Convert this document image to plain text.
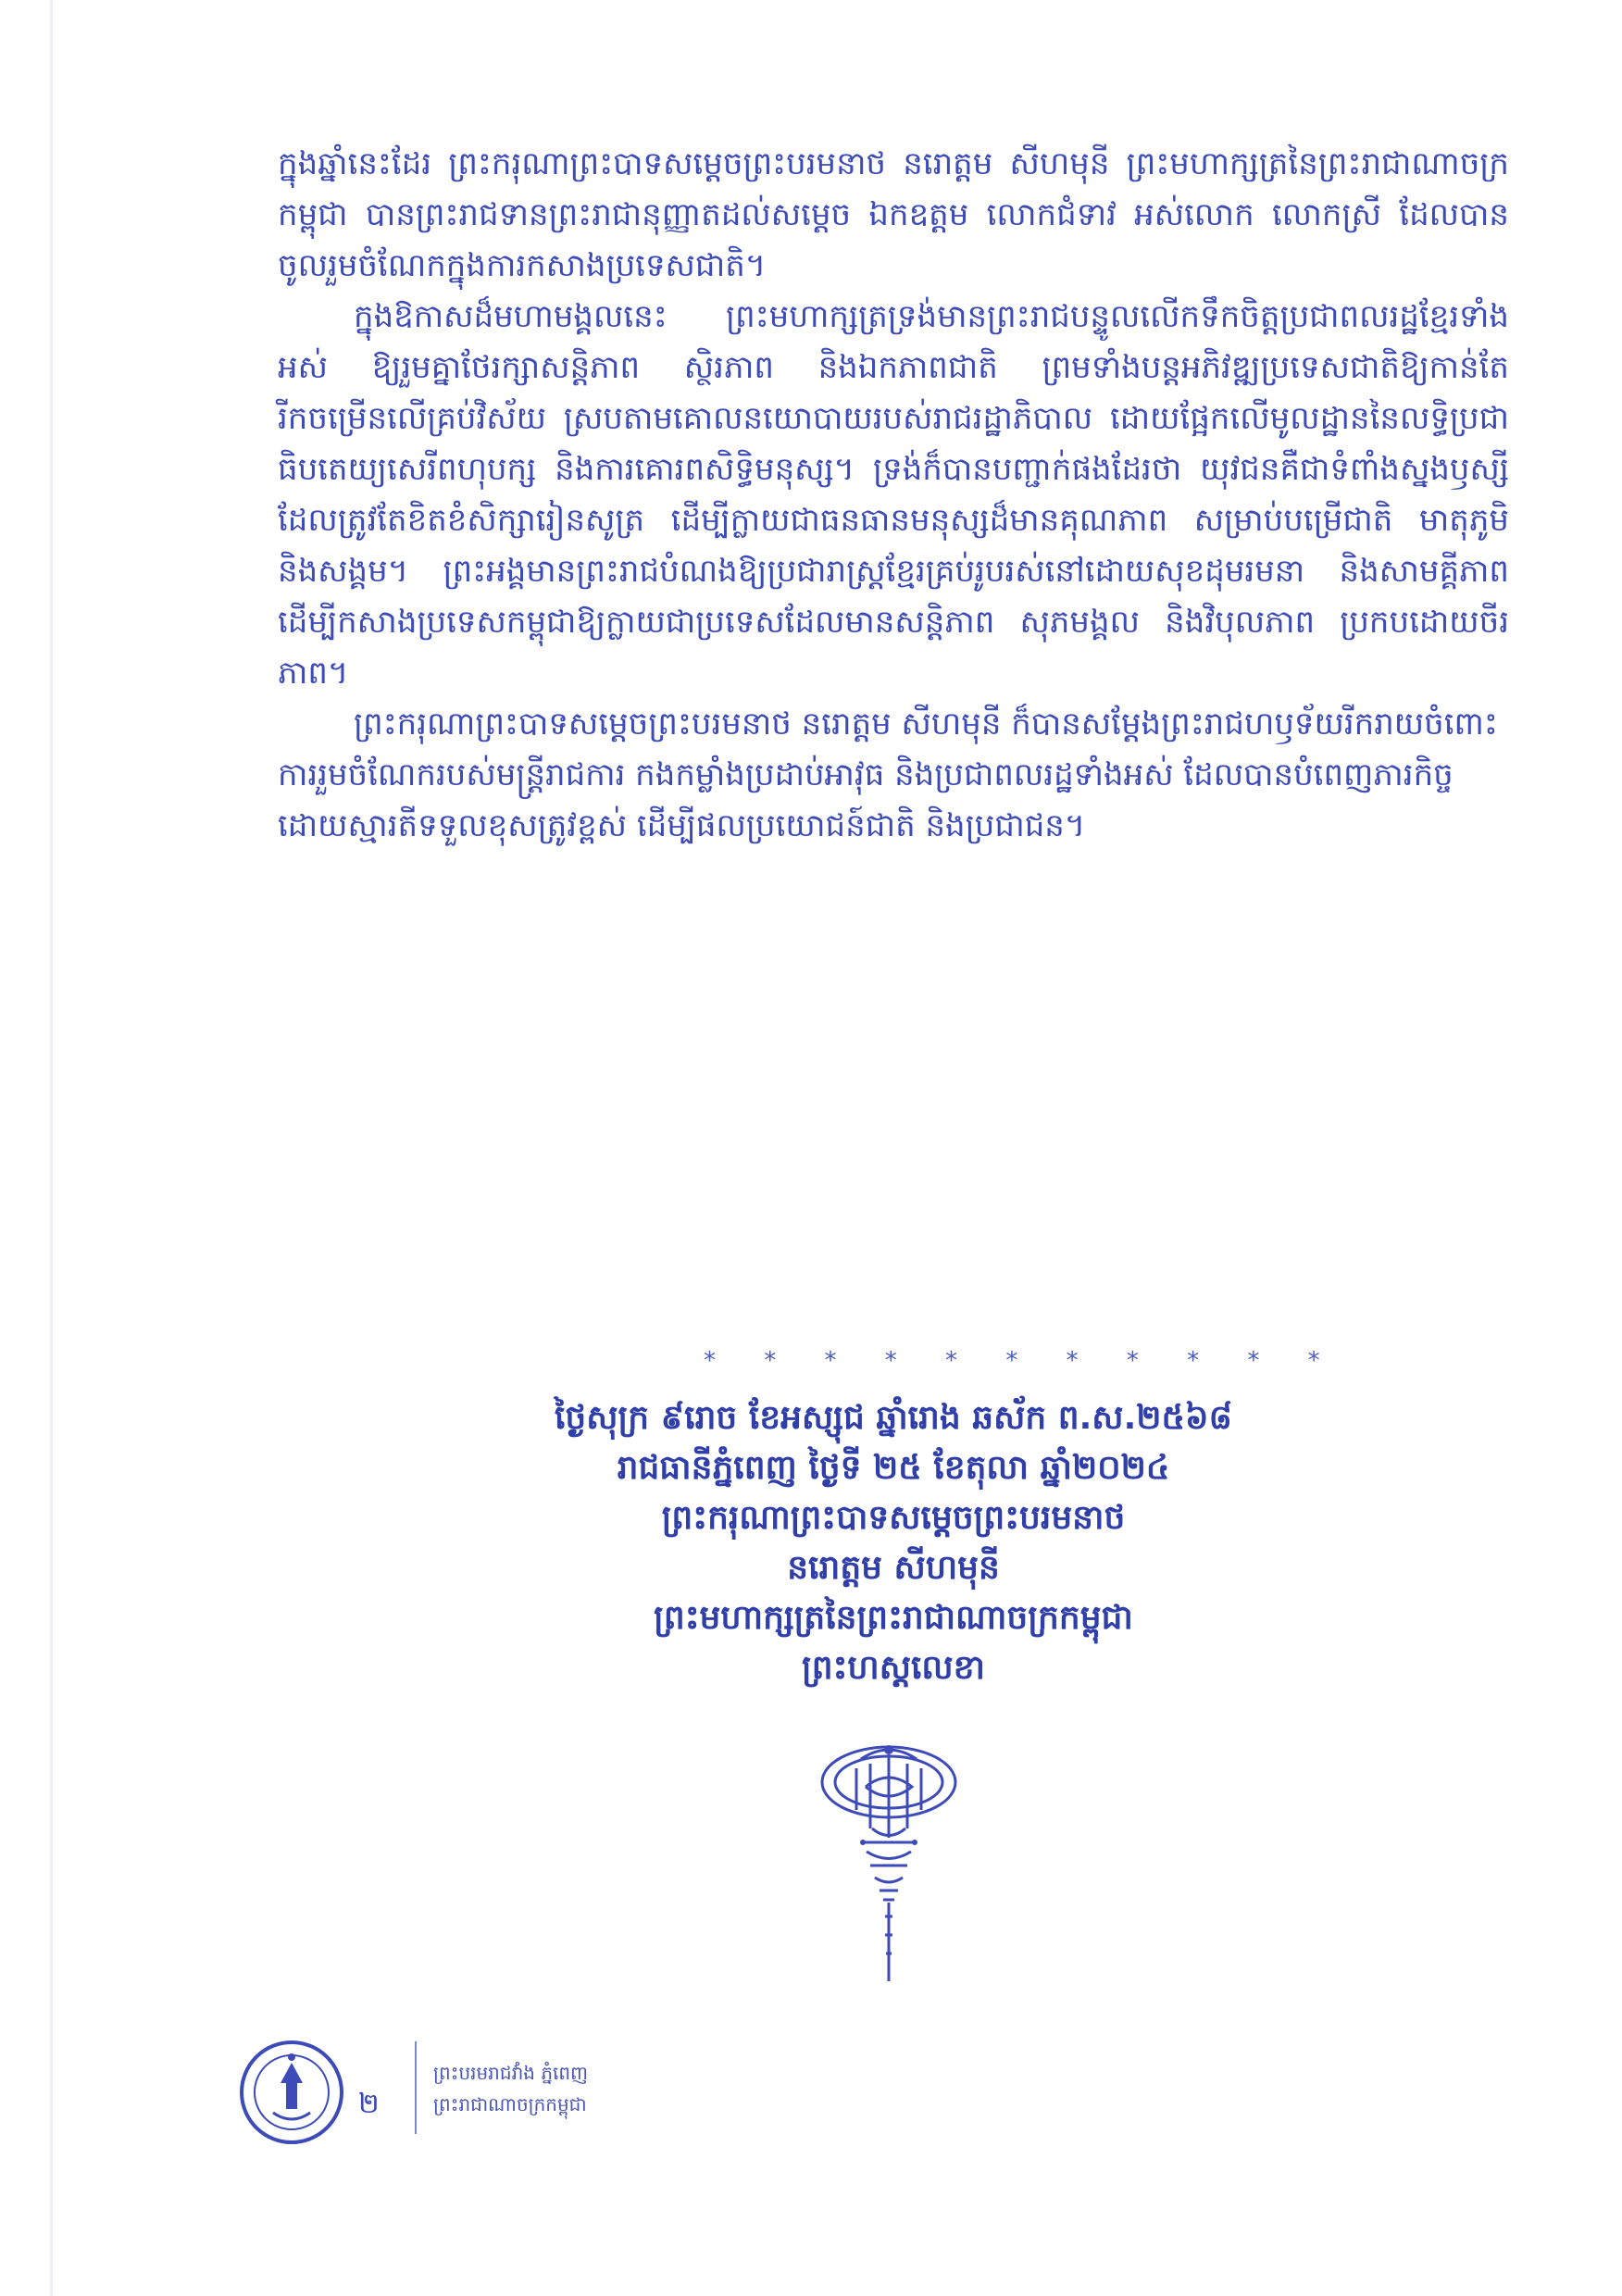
ក្នុងឆ្នាំនេះដែរ ព្រះករុណាព្រះបាទសម្តេចព្រះបរមនាថ នរោត្តម សីហមុនី ព្រះមហាក្សត្រនៃព្រះរាជាណាចក្រកម្ពុជា បានព្រះរាជទានព្រះរាជានុញ្ញាតដល់សម្តេច ឯកឧត្តម លោកជំទាវ អស់លោក លោកស្រី ដែលបានចូលរួមចំណែកក្នុងការកសាងប្រទេសជាតិ។

ក្នុងឱកាសដ៏មហាមង្គលនេះ ព្រះមហាក្សត្រទ្រង់មានព្រះរាជបន្ទូលលើកទឹកចិត្តប្រជាពលរដ្ឋខ្មែរទាំងអស់ ឱ្យរួមគ្នាថែរក្សាសន្តិភាព ស្ថិរភាព និងឯកភាពជាតិ ព្រមទាំងបន្តអភិវឌ្ឍប្រទេសជាតិឱ្យកាន់តែរីកចម្រើនលើគ្រប់វិស័យ ស្របតាមគោលនយោបាយរបស់រាជរដ្ឋាភិបាល ដោយផ្អែកលើមូលដ្ឋាននៃលទ្ធិប្រជាធិបតេយ្យសេរីពហុបក្ស និងការគោរពសិទ្ធិមនុស្ស។ ទ្រង់ក៏បានបញ្ជាក់ផងដែរថា យុវជនគឺជាទំពាំងស្នងឫស្សី ដែលត្រូវតែខិតខំសិក្សារៀនសូត្រ ដើម្បីក្លាយជាធនធានមនុស្សដ៏មានគុណភាព សម្រាប់បម្រើជាតិ មាតុភូមិ និងសង្គម។ ព្រះអង្គមានព្រះរាជបំណងឱ្យប្រជារាស្ត្រខ្មែរគ្រប់រូបរស់នៅដោយសុខដុមរមនា និងសាមគ្គីភាព ដើម្បីកសាងប្រទេសកម្ពុជាឱ្យក្លាយជាប្រទេសដែលមានសន្តិភាព សុភមង្គល និងវិបុលភាព ប្រកបដោយចីរភាព។

ព្រះករុណាព្រះបាទសម្តេចព្រះបរមនាថ នរោត្តម សីហមុនី ក៏បានសម្តែងព្រះរាជហឫទ័យរីករាយចំពោះការរួមចំណែករបស់មន្ត្រីរាជការ កងកម្លាំងប្រដាប់អាវុធ និងប្រជាពលរដ្ឋទាំងអស់ ដែលបានបំពេញភារកិច្ចដោយស្មារតីទទួលខុសត្រូវខ្ពស់ ដើម្បីផលប្រយោជន៍ជាតិ និងប្រជាជន។

* * * * * * * * * * *
ថ្ងៃសុក្រ ៩រោច ខែអស្សុជ ឆ្នាំរោង ឆស័ក ព.ស.២៥៦៨
រាជធានីភ្នំពេញ ថ្ងៃទី ២៥ ខែតុលា ឆ្នាំ២០២៤
ព្រះករុណាព្រះបាទសម្តេចព្រះបរមនាថ
នរោត្តម សីហមុនី
ព្រះមហាក្សត្រនៃព្រះរាជាណាចក្រកម្ពុជា
ព្រះហស្តលេខា
២
ព្រះបរមរាជវាំង ភ្នំពេញ
ព្រះរាជាណាចក្រកម្ពុជា
